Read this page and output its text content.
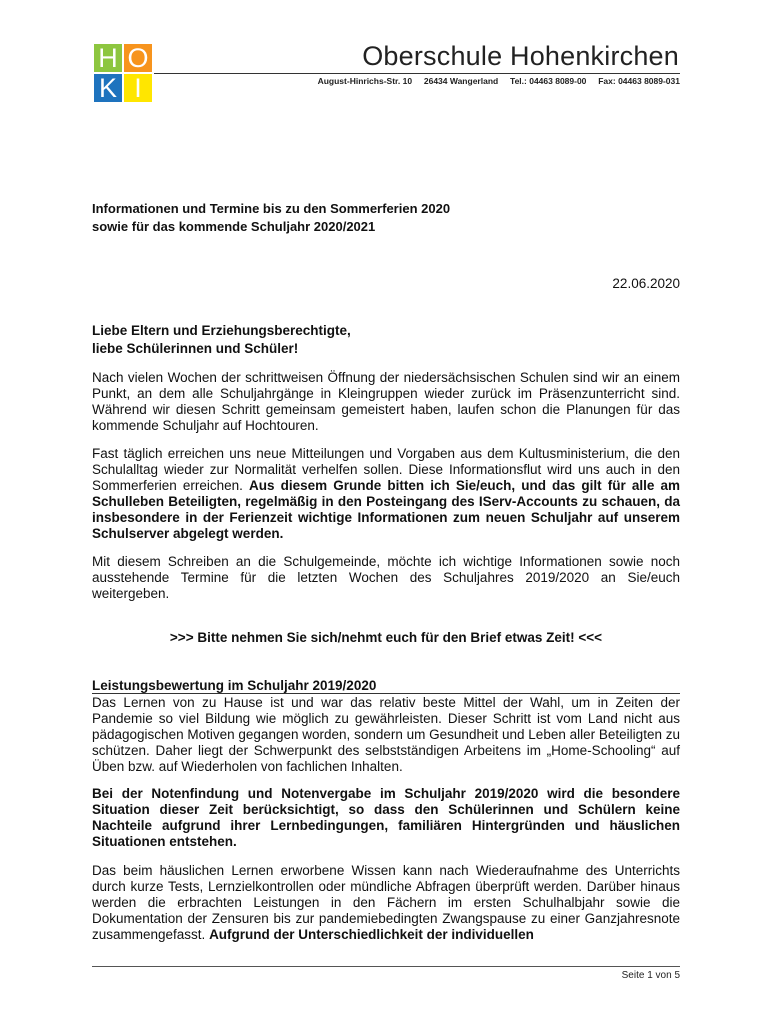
H O
K I
Oberschule Hohenkirchen
August-Hinrichs-Str. 10 26434 Wangerland Tel.: 04463 8089-00 Fax: 04463 8089-031
Informationen und Termine bis zu den Sommerferien 2020
sowie für das kommende Schuljahr 2020/2021
22.06.2020
Liebe Eltern und Erziehungsberechtigte,
liebe Schülerinnen und Schüler!
Nach vielen Wochen der schrittweisen Öffnung der niedersächsischen Schulen sind wir an einem Punkt, an dem alle Schuljahrgänge in Kleingruppen wieder zurück im Präsenzunterricht sind. Während wir diesen Schritt gemeinsam gemeistert haben, laufen schon die Planungen für das kommende Schuljahr auf Hochtouren.
Fast täglich erreichen uns neue Mitteilungen und Vorgaben aus dem Kultusministerium, die den Schulalltag wieder zur Normalität verhelfen sollen. Diese Informationsflut wird uns auch in den Sommerferien erreichen. Aus diesem Grunde bitten ich Sie/euch, und das gilt für alle am Schulleben Beteiligten, regelmäßig in den Posteingang des IServ-Accounts zu schauen, da insbesondere in der Ferienzeit wichtige Informationen zum neuen Schuljahr auf unserem Schulserver abgelegt werden.
Mit diesem Schreiben an die Schulgemeinde, möchte ich wichtige Informationen sowie noch ausstehende Termine für die letzten Wochen des Schuljahres 2019/2020 an Sie/euch weitergeben.
>>> Bitte nehmen Sie sich/nehmt euch für den Brief etwas Zeit! <<<
Leistungsbewertung im Schuljahr 2019/2020
Das Lernen von zu Hause ist und war das relativ beste Mittel der Wahl, um in Zeiten der Pandemie so viel Bildung wie möglich zu gewährleisten. Dieser Schritt ist vom Land nicht aus pädagogischen Motiven gegangen worden, sondern um Gesundheit und Leben aller Beteiligten zu schützen. Daher liegt der Schwerpunkt des selbstständigen Arbeitens im „Home-Schooling“ auf Üben bzw. auf Wiederholen von fachlichen Inhalten.
Bei der Notenfindung und Notenvergabe im Schuljahr 2019/2020 wird die besondere Situation dieser Zeit berücksichtigt, so dass den Schülerinnen und Schülern keine Nachteile aufgrund ihrer Lernbedingungen, familiären Hintergründen und häuslichen Situationen entstehen.
Das beim häuslichen Lernen erworbene Wissen kann nach Wiederaufnahme des Unterrichts durch kurze Tests, Lernzielkontrollen oder mündliche Abfragen überprüft werden. Darüber hinaus werden die erbrachten Leistungen in den Fächern im ersten Schulhalbjahr sowie die Dokumentation der Zensuren bis zur pandemiebedingten Zwangspause zu einer Ganzjahresnote zusammengefasst. Aufgrund der Unterschiedlichkeit der individuellen
Seite 1 von 5
